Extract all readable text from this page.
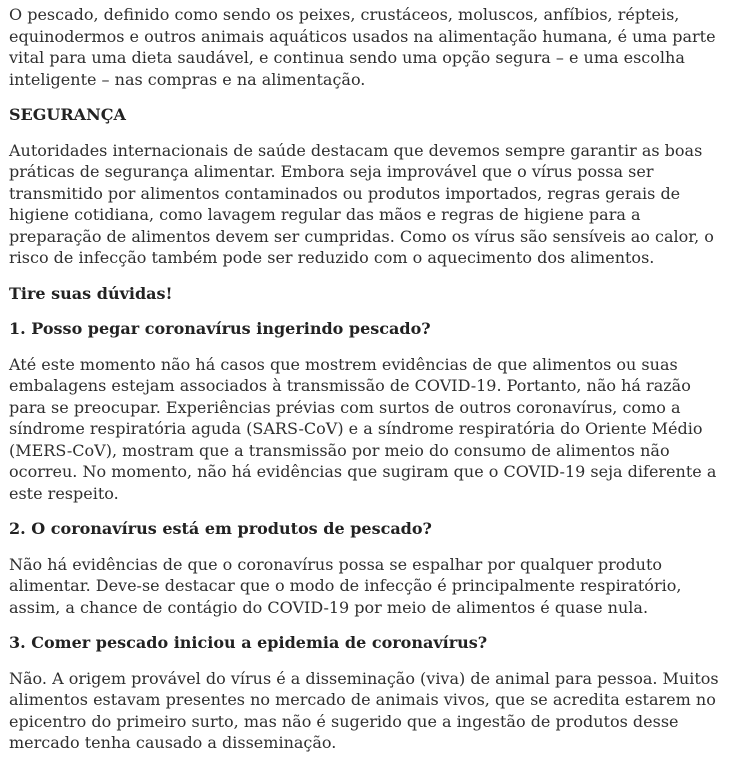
O pescado, definido como sendo os peixes, crustáceos, moluscos, anfíbios, répteis, equinodermos e outros animais aquáticos usados na alimentação humana, é uma parte vital para uma dieta saudável, e continua sendo uma opção segura – e uma escolha inteligente – nas compras e na alimentação.

SEGURANÇA

Autoridades internacionais de saúde destacam que devemos sempre garantir as boas práticas de segurança alimentar. Embora seja improvável que o vírus possa ser transmitido por alimentos contaminados ou produtos importados, regras gerais de higiene cotidiana, como lavagem regular das mãos e regras de higiene para a preparação de alimentos devem ser cumpridas. Como os vírus são sensíveis ao calor, o risco de infecção também pode ser reduzido com o aquecimento dos alimentos.

Tire suas dúvidas!

1. Posso pegar coronavírus ingerindo pescado?

Até este momento não há casos que mostrem evidências de que alimentos ou suas embalagens estejam associados à transmissão de COVID-19. Portanto, não há razão para se preocupar. Experiências prévias com surtos de outros coronavírus, como a síndrome respiratória aguda (SARS-CoV) e a síndrome respiratória do Oriente Médio (MERS-CoV), mostram que a transmissão por meio do consumo de alimentos não ocorreu. No momento, não há evidências que sugiram que o COVID-19 seja diferente a este respeito.

2. O coronavírus está em produtos de pescado?

Não há evidências de que o coronavírus possa se espalhar por qualquer produto alimentar. Deve-se destacar que o modo de infecção é principalmente respiratório, assim, a chance de contágio do COVID-19 por meio de alimentos é quase nula.

3. Comer pescado iniciou a epidemia de coronavírus?

Não. A origem provável do vírus é a disseminação (viva) de animal para pessoa. Muitos alimentos estavam presentes no mercado de animais vivos, que se acredita estarem no epicentro do primeiro surto, mas não é sugerido que a ingestão de produtos desse mercado tenha causado a disseminação.
